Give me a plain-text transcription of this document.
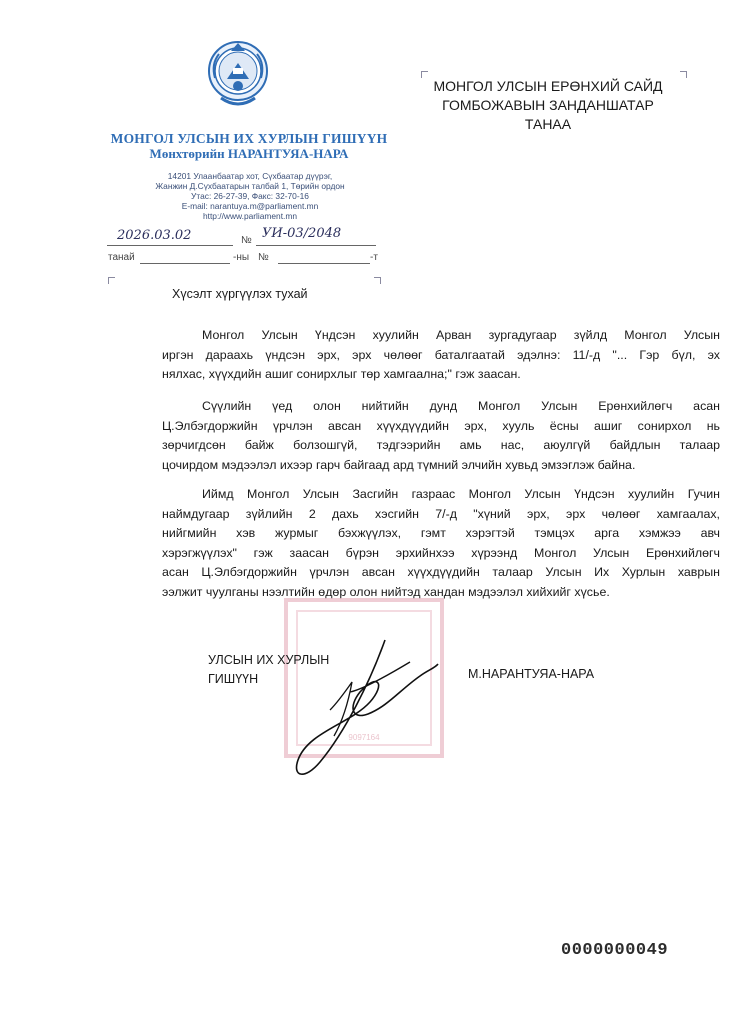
МОНГОЛ УЛСЫН ИХ ХУРЛЫН ГИШҮҮН
Мөнхтөрийн НАРАНТУЯА-НАРА
14201 Улаанбаатар хот, Сүхбаатар дүүрэг,
Жанжин Д.Сүхбаатарын талбай 1, Төрийн ордон
Утас: 26-27-39, Факс: 32-70-16
E-mail: narantuya.m@parliament.mn
http://www.parliament.mn
2026.03.02	№ УИ-03/2048
танай	-ны №	-т
МОНГОЛ УЛСЫН ЕРӨНХИЙ САЙД
ГОМБОЖАВЫН ЗАНДАНШАТАР
ТАНАА
Хүсэлт хүргүүлэх тухай
Монгол Улсын Үндсэн хуулийн Арван зургадугаар зүйлд Монгол Улсын
иргэн дараахь үндсэн эрх, эрх чөлөөг баталгаатай эдэлнэ: 11/-д "... Гэр бүл, эх
нялхас, хүүхдийн ашиг сонирхлыг төр хамгаална;" гэж заасан.
Сүүлийн үед олон нийтийн дунд Монгол Улсын Ерөнхийлөгч асан
Ц.Элбэгдоржийн үрчлэн авсан хүүхдүүдийн эрх, хууль ёсны ашиг сонирхол нь
зөрчигдсөн байж болзошгүй, тэдгээрийн амь нас, аюулгүй байдлын талаар
цочирдом мэдээлэл ихээр гарч байгаад ард түмний элчийн хувьд эмзэглэж байна.
Иймд Монгол Улсын Засгийн газраас Монгол Улсын Үндсэн хуулийн Гучин
наймдугаар зүйлийн 2 дахь хэсгийн 7/-д "хүний эрх, эрх чөлөөг хамгаалах,
нийгмийн хэв журмыг бэхжүүлэх, гэмт хэрэгтэй тэмцэх арга хэмжээ авч
хэрэгжүүлэх" гэж заасан бүрэн эрхийнхээ хүрээнд Монгол Улсын Ерөнхийлөгч
асан Ц.Элбэгдоржийн үрчлэн авсан хүүхдүүдийн талаар Улсын Их Хурлын хаврын
ээлжит чуулганы нээлтийн өдөр олон нийтэд хандан мэдээлэл хийхийг хүсье.
9097164
УЛСЫН ИХ ХУРЛЫН
ГИШҮҮН	М.НАРАНТУЯА-НАРА
0000000049
